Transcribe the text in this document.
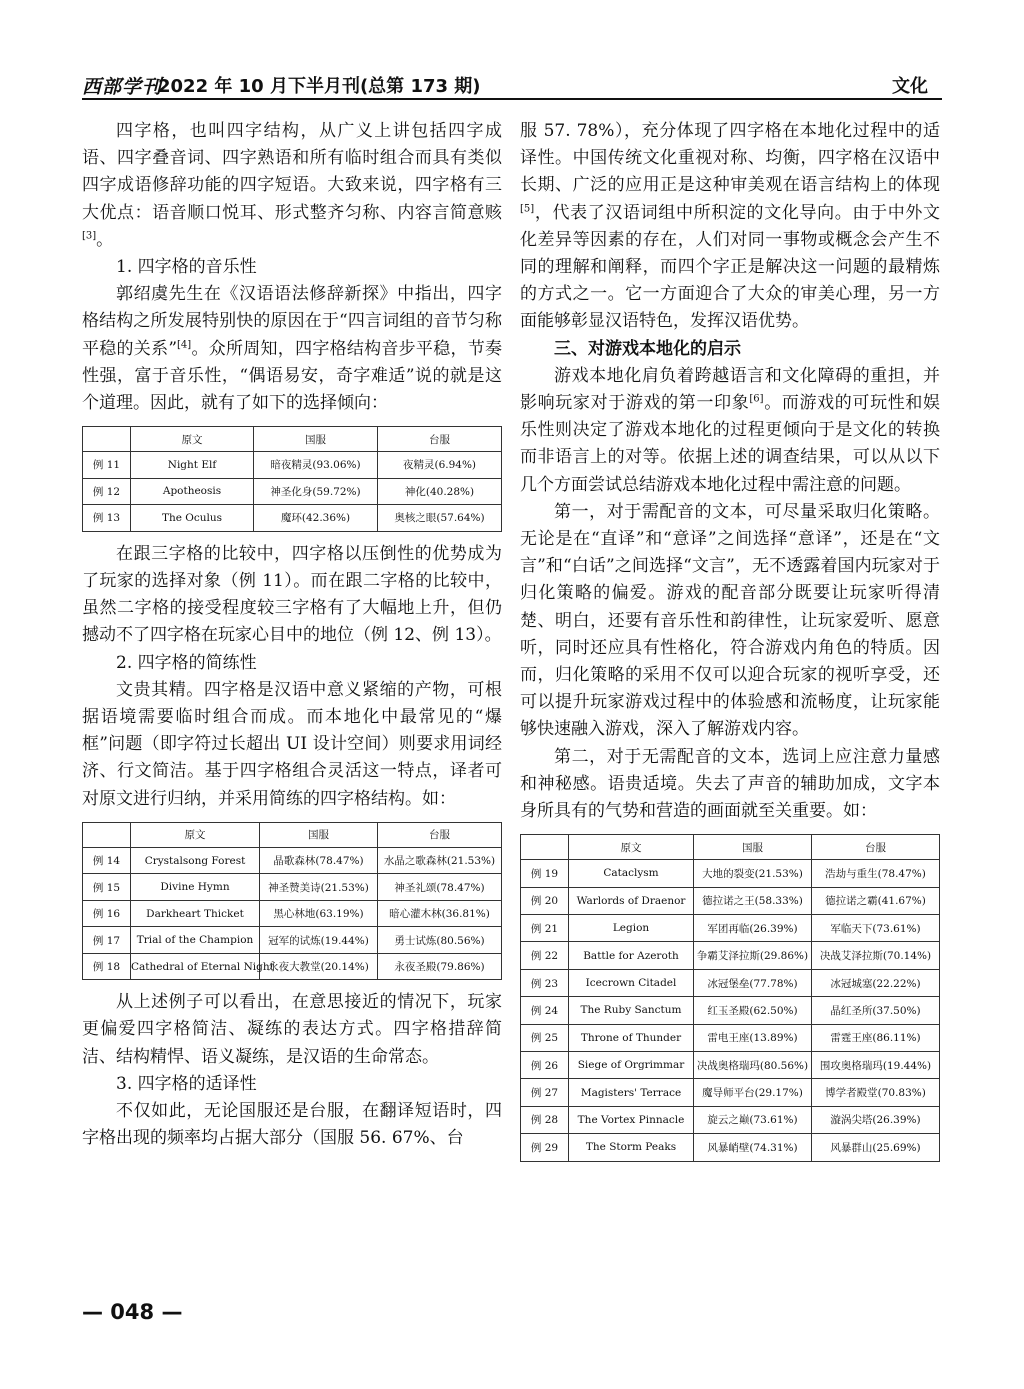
西部学刊
2022 年 10 月下半月刊(总第 173 期)	文化

四字格，也叫四字结构，从广义上讲包括四字成语、四字叠音词、四字熟语和所有临时组合而具有类似四字成语修辞功能的四字短语。大致来说，四字格有三大优点：语音顺口悦耳、形式整齐匀称、内容言简意赅[3]。

1. 四字格的音乐性

郭绍虞先生在《汉语语法修辞新探》中指出，四字格结构之所发展特别快的原因在于“四言词组的音节匀称平稳的关系”[4]。众所周知，四字格结构音步平稳，节奏性强，富于音乐性，“偶语易安，奇字难适”说的就是这个道理。因此，就有了如下的选择倾向：

	原文	国服	台服
例 11	Night Elf	暗夜精灵(93.06%)	夜精灵(6.94%)
例 12	Apotheosis	神圣化身(59.72%)	神化(40.28%)
例 13	The Oculus	魔环(42.36%)	奥核之眼(57.64%)

在跟三字格的比较中，四字格以压倒性的优势成为了玩家的选择对象（例 11）。而在跟二字格的比较中，虽然二字格的接受程度较三字格有了大幅地上升，但仍撼动不了四字格在玩家心目中的地位（例 12、例 13）。

2. 四字格的简练性

文贵其精。四字格是汉语中意义紧缩的产物，可根据语境需要临时组合而成。而本地化中最常见的“爆框”问题（即字符过长超出 UI 设计空间）则要求用词经济、行文简洁。基于四字格组合灵活这一特点，译者可对原文进行归纳，并采用简练的四字格结构。如：

	原文	国服	台服
例 14	Crystalsong Forest	晶歌森林(78.47%)	水晶之歌森林(21.53%)
例 15	Divine Hymn	神圣赞美诗(21.53%)	神圣礼颂(78.47%)
例 16	Darkheart Thicket	黑心林地(63.19%)	暗心灌木林(36.81%)
例 17	Trial of the Champion	冠军的试炼(19.44%)	勇士试炼(80.56%)
例 18	Cathedral of Eternal Night	永夜大教堂(20.14%)	永夜圣殿(79.86%)

从上述例子可以看出，在意思接近的情况下，玩家更偏爱四字格简洁、凝练的表达方式。四字格措辞简洁、结构精悍、语义凝练，是汉语的生命常态。

3. 四字格的适译性

不仅如此，无论国服还是台服，在翻译短语时，四字格出现的频率均占据大部分（国服 56. 67%、台

服 57. 78%），充分体现了四字格在本地化过程中的适译性。中国传统文化重视对称、均衡，四字格在汉语中长期、广泛的应用正是这种审美观在语言结构上的体现[5]，代表了汉语词组中所积淀的文化导向。由于中外文化差异等因素的存在，人们对同一事物或概念会产生不同的理解和阐释，而四个字正是解决这一问题的最精炼的方式之一。它一方面迎合了大众的审美心理，另一方面能够彰显汉语特色，发挥汉语优势。

三、对游戏本地化的启示

游戏本地化肩负着跨越语言和文化障碍的重担，并影响玩家对于游戏的第一印象[6]。而游戏的可玩性和娱乐性则决定了游戏本地化的过程更倾向于是文化的转换而非语言上的对等。依据上述的调查结果，可以从以下几个方面尝试总结游戏本地化过程中需注意的问题。

第一，对于需配音的文本，可尽量采取归化策略。无论是在“直译”和“意译”之间选择“意译”，还是在“文言”和“白话”之间选择“文言”，无不透露着国内玩家对于归化策略的偏爱。游戏的配音部分既要让玩家听得清楚、明白，还要有音乐性和韵律性，让玩家爱听、愿意听，同时还应具有性格化，符合游戏内角色的特质。因而，归化策略的采用不仅可以迎合玩家的视听享受，还可以提升玩家游戏过程中的体验感和流畅度，让玩家能够快速融入游戏，深入了解游戏内容。

第二，对于无需配音的文本，选词上应注意力量感和神秘感。语贵适境。失去了声音的辅助加成，文字本身所具有的气势和营造的画面就至关重要。如：

	原文	国服	台服
例 19	Cataclysm	大地的裂变(21.53%)	浩劫与重生(78.47%)
例 20	Warlords of Draenor	德拉诺之王(58.33%)	德拉诺之霸(41.67%)
例 21	Legion	军团再临(26.39%)	军临天下(73.61%)
例 22	Battle for Azeroth	争霸艾泽拉斯(29.86%)	决战艾泽拉斯(70.14%)
例 23	Icecrown Citadel	冰冠堡垒(77.78%)	冰冠城塞(22.22%)
例 24	The Ruby Sanctum	红玉圣殿(62.50%)	晶红圣所(37.50%)
例 25	Throne of Thunder	雷电王座(13.89%)	雷霆王座(86.11%)
例 26	Siege of Orgrimmar	决战奥格瑞玛(80.56%)	围攻奥格瑞玛(19.44%)
例 27	Magisters' Terrace	魔导师平台(29.17%)	博学者殿堂(70.83%)
例 28	The Vortex Pinnacle	旋云之巅(73.61%)	漩涡尖塔(26.39%)
例 29	The Storm Peaks	风暴峭壁(74.31%)	风暴群山(25.69%)
— 048 —
